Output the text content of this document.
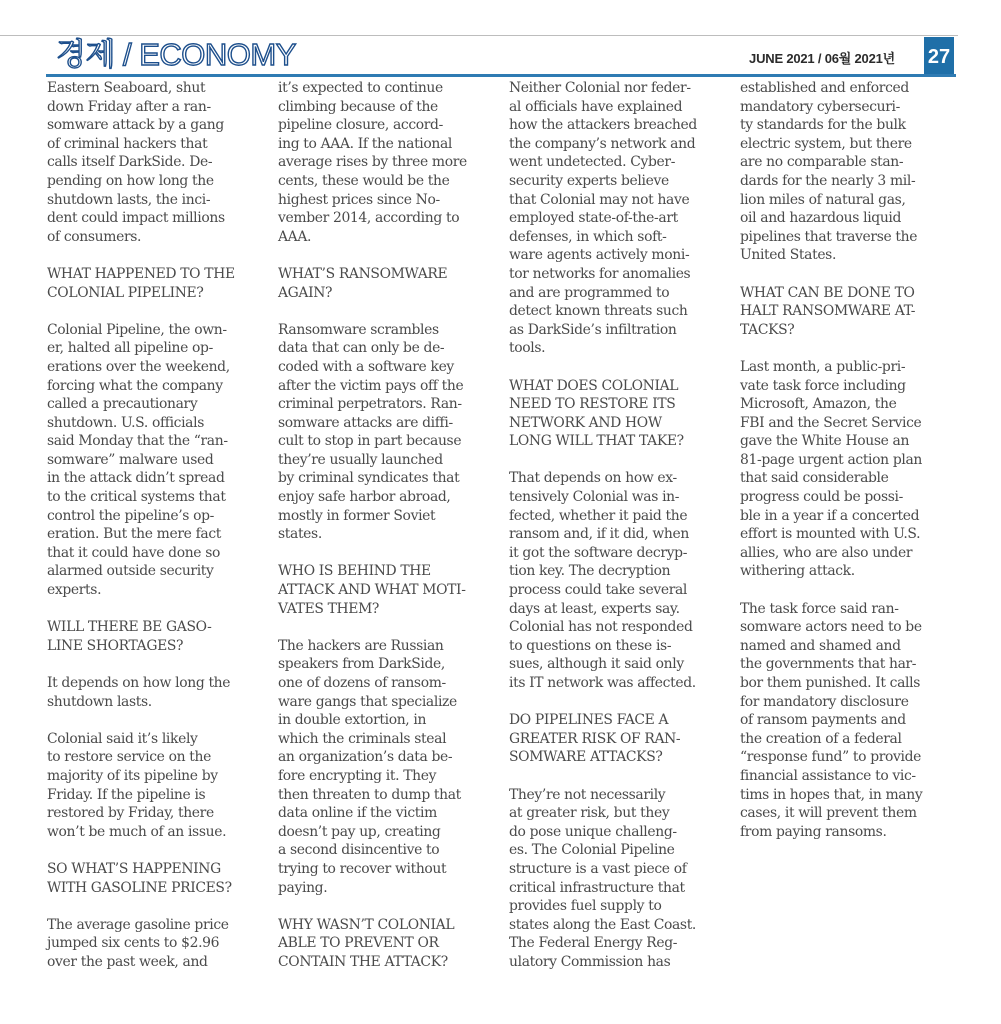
경제 / ECONOMY	JUNE 2021 / 06월 2021년 27

Eastern Seaboard, shut
down Friday after a ran-
somware attack by a gang
of criminal hackers that
calls itself DarkSide. De-
pending on how long the
shutdown lasts, the inci-
dent could impact millions
of consumers.

WHAT HAPPENED TO THE
COLONIAL PIPELINE?

Colonial Pipeline, the own-
er, halted all pipeline op-
erations over the weekend,
forcing what the company
called a precautionary
shutdown. U.S. officials
said Monday that the “ran-
somware” malware used
in the attack didn’t spread
to the critical systems that
control the pipeline’s op-
eration. But the mere fact
that it could have done so
alarmed outside security
experts.

WILL THERE BE GASO-
LINE SHORTAGES?

It depends on how long the
shutdown lasts.

Colonial said it’s likely
to restore service on the
majority of its pipeline by
Friday. If the pipeline is
restored by Friday, there
won’t be much of an issue.

SO WHAT’S HAPPENING
WITH GASOLINE PRICES?

The average gasoline price
jumped six cents to $2.96
over the past week, and

it’s expected to continue
climbing because of the
pipeline closure, accord-
ing to AAA. If the national
average rises by three more
cents, these would be the
highest prices since No-
vember 2014, according to
AAA.

WHAT’S RANSOMWARE
AGAIN?

Ransomware scrambles
data that can only be de-
coded with a software key
after the victim pays off the
criminal perpetrators. Ran-
somware attacks are diffi-
cult to stop in part because
they’re usually launched
by criminal syndicates that
enjoy safe harbor abroad,
mostly in former Soviet
states.

WHO IS BEHIND THE
ATTACK AND WHAT MOTI-
VATES THEM?

The hackers are Russian
speakers from DarkSide,
one of dozens of ransom-
ware gangs that specialize
in double extortion, in
which the criminals steal
an organization’s data be-
fore encrypting it. They
then threaten to dump that
data online if the victim
doesn’t pay up, creating
a second disincentive to
trying to recover without
paying.

WHY WASN’T COLONIAL
ABLE TO PREVENT OR
CONTAIN THE ATTACK?

Neither Colonial nor feder-
al officials have explained
how the attackers breached
the company’s network and
went undetected. Cyber-
security experts believe
that Colonial may not have
employed state-of-the-art
defenses, in which soft-
ware agents actively moni-
tor networks for anomalies
and are programmed to
detect known threats such
as DarkSide’s infiltration
tools.

WHAT DOES COLONIAL
NEED TO RESTORE ITS
NETWORK AND HOW
LONG WILL THAT TAKE?

That depends on how ex-
tensively Colonial was in-
fected, whether it paid the
ransom and, if it did, when
it got the software decryp-
tion key. The decryption
process could take several
days at least, experts say.
Colonial has not responded
to questions on these is-
sues, although it said only
its IT network was affected.

DO PIPELINES FACE A
GREATER RISK OF RAN-
SOMWARE ATTACKS?

They’re not necessarily
at greater risk, but they
do pose unique challeng-
es. The Colonial Pipeline
structure is a vast piece of
critical infrastructure that
provides fuel supply to
states along the East Coast.
The Federal Energy Reg-
ulatory Commission has

established and enforced
mandatory cybersecuri-
ty standards for the bulk
electric system, but there
are no comparable stan-
dards for the nearly 3 mil-
lion miles of natural gas,
oil and hazardous liquid
pipelines that traverse the
United States.

WHAT CAN BE DONE TO
HALT RANSOMWARE AT-
TACKS?

Last month, a public-pri-
vate task force including
Microsoft, Amazon, the
FBI and the Secret Service
gave the White House an
81-page urgent action plan
that said considerable
progress could be possi-
ble in a year if a concerted
effort is mounted with U.S.
allies, who are also under
withering attack.

The task force said ran-
somware actors need to be
named and shamed and
the governments that har-
bor them punished. It calls
for mandatory disclosure
of ransom payments and
the creation of a federal
“response fund” to provide
financial assistance to vic-
tims in hopes that, in many
cases, it will prevent them
from paying ransoms.
